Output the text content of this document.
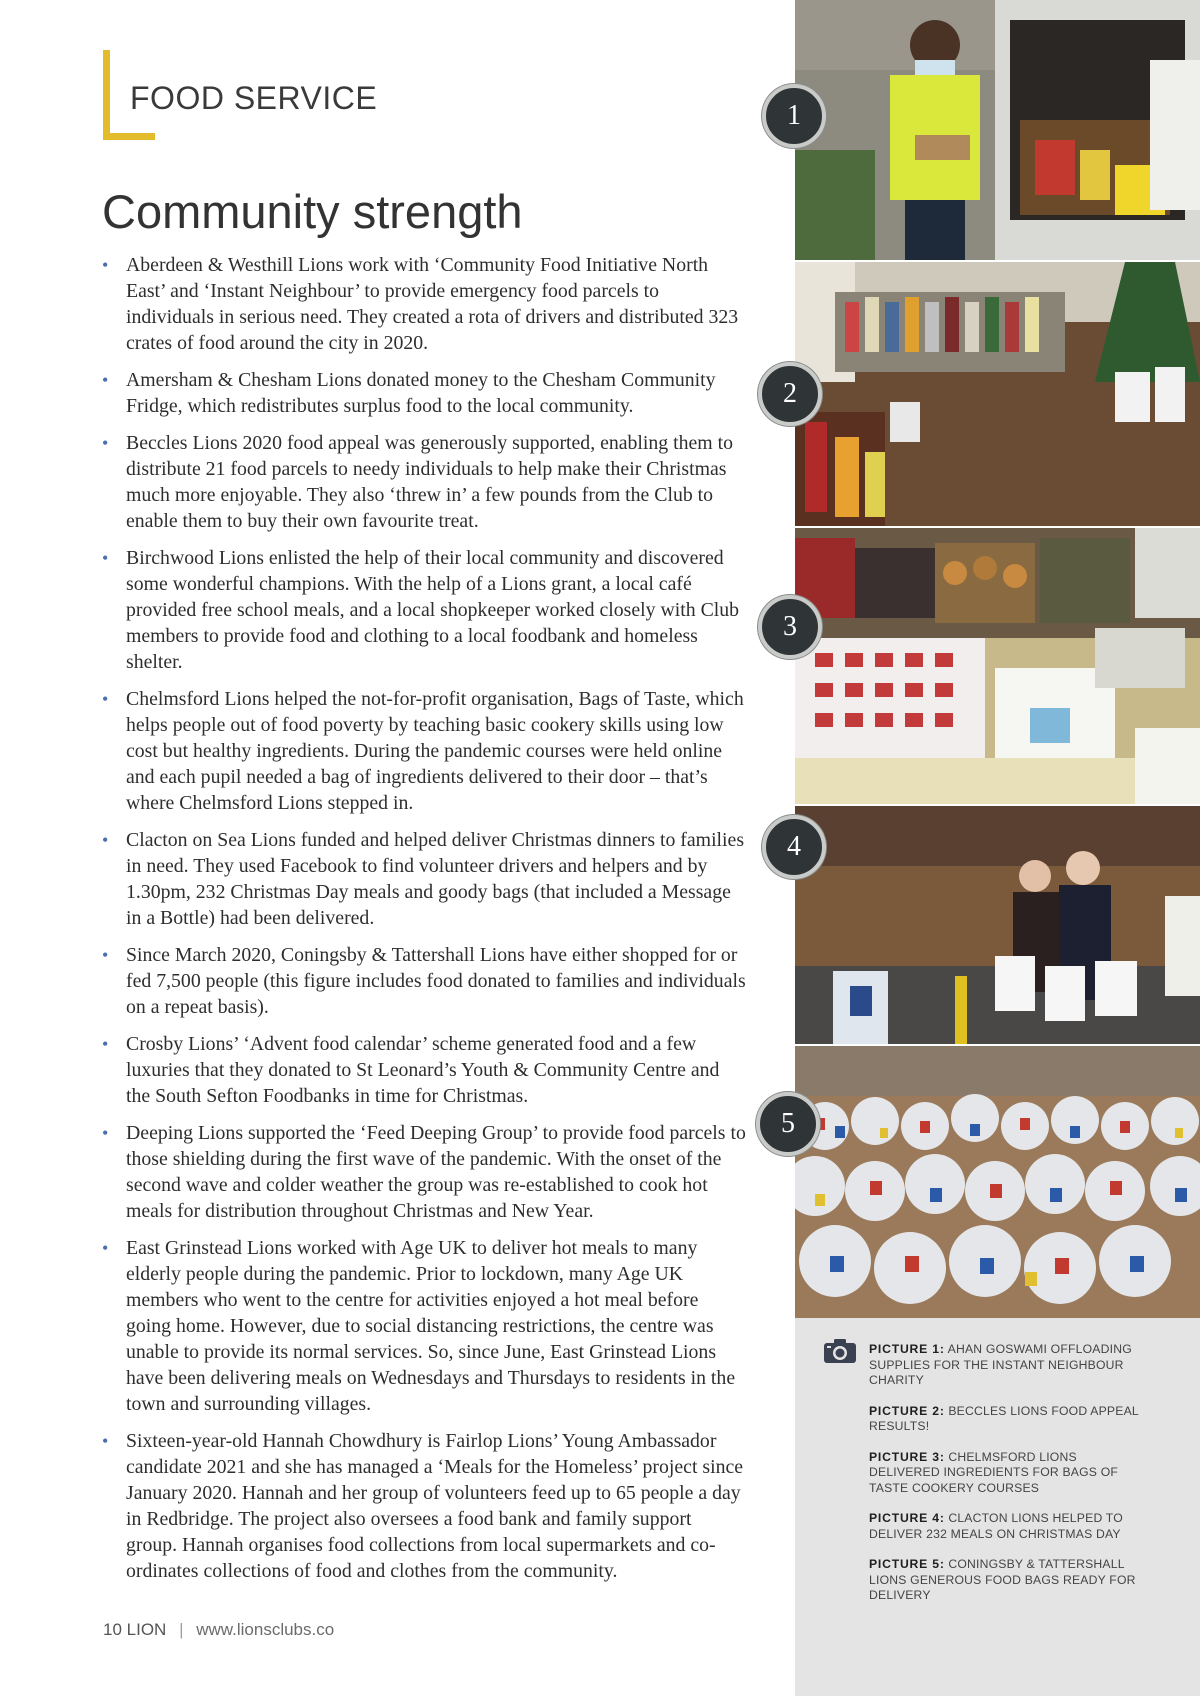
FOOD SERVICE
Community strength
• Aberdeen & Westhill Lions work with ‘Community Food Initiative North East’ and ‘Instant Neighbour’ to provide emergency food parcels to individuals in serious need. They created a rota of drivers and distributed 323 crates of food around the city in 2020.
• Amersham & Chesham Lions donated money to the Chesham Community Fridge, which redistributes surplus food to the local community.
• Beccles Lions 2020 food appeal was generously supported, enabling them to distribute 21 food parcels to needy individuals to help make their Christmas much more enjoyable. They also ‘threw in’ a few pounds from the Club to enable them to buy their own favourite treat.
• Birchwood Lions enlisted the help of their local community and discovered some wonderful champions. With the help of a Lions grant, a local café provided free school meals, and a local shopkeeper worked closely with Club members to provide food and clothing to a local foodbank and homeless shelter.
• Chelmsford Lions helped the not-for-profit organisation, Bags of Taste, which helps people out of food poverty by teaching basic cookery skills using low cost but healthy ingredients. During the pandemic courses were held online and each pupil needed a bag of ingredients delivered to their door – that’s where Chelmsford Lions stepped in.
• Clacton on Sea Lions funded and helped deliver Christmas dinners to families in need. They used Facebook to find volunteer drivers and helpers and by 1.30pm, 232 Christmas Day meals and goody bags (that included a Message in a Bottle) had been delivered.
• Since March 2020, Coningsby & Tattershall Lions have either shopped for or fed 7,500 people (this figure includes food donated to families and individuals on a repeat basis).
• Crosby Lions’ ‘Advent food calendar’ scheme generated food and a few luxuries that they donated to St Leonard’s Youth & Community Centre and the South Sefton Foodbanks in time for Christmas.
• Deeping Lions supported the ‘Feed Deeping Group’ to provide food parcels to those shielding during the first wave of the pandemic. With the onset of the second wave and colder weather the group was re-established to cook hot meals for distribution throughout Christmas and New Year.
• East Grinstead Lions worked with Age UK to deliver hot meals to many elderly people during the pandemic. Prior to lockdown, many Age UK members who went to the centre for activities enjoyed a hot meal before going home. However, due to social distancing restrictions, the centre was unable to provide its normal services. So, since June, East Grinstead Lions have been delivering meals on Wednesdays and Thursdays to residents in the town and surrounding villages.
• Sixteen-year-old Hannah Chowdhury is Fairlop Lions’ Young Ambassador candidate 2021 and she has managed a ‘Meals for the Homeless’ project since January 2020. Hannah and her group of volunteers feed up to 65 people a day in Redbridge. The project also oversees a food bank and family support group. Hannah organises food collections from local supermarkets and co-ordinates collections of food and clothes from the community.
10 LION | www.lionsclubs.co
1
2
3
4
5
PICTURE 1: AHAN GOSWAMI OFFLOADING SUPPLIES FOR THE INSTANT NEIGHBOUR CHARITY
PICTURE 2: BECCLES LIONS FOOD APPEAL RESULTS!
PICTURE 3: CHELMSFORD LIONS DELIVERED INGREDIENTS FOR BAGS OF TASTE COOKERY COURSES
PICTURE 4: CLACTON LIONS HELPED TO DELIVER 232 MEALS ON CHRISTMAS DAY
PICTURE 5: CONINGSBY & TATTERSHALL LIONS GENEROUS FOOD BAGS READY FOR DELIVERY
